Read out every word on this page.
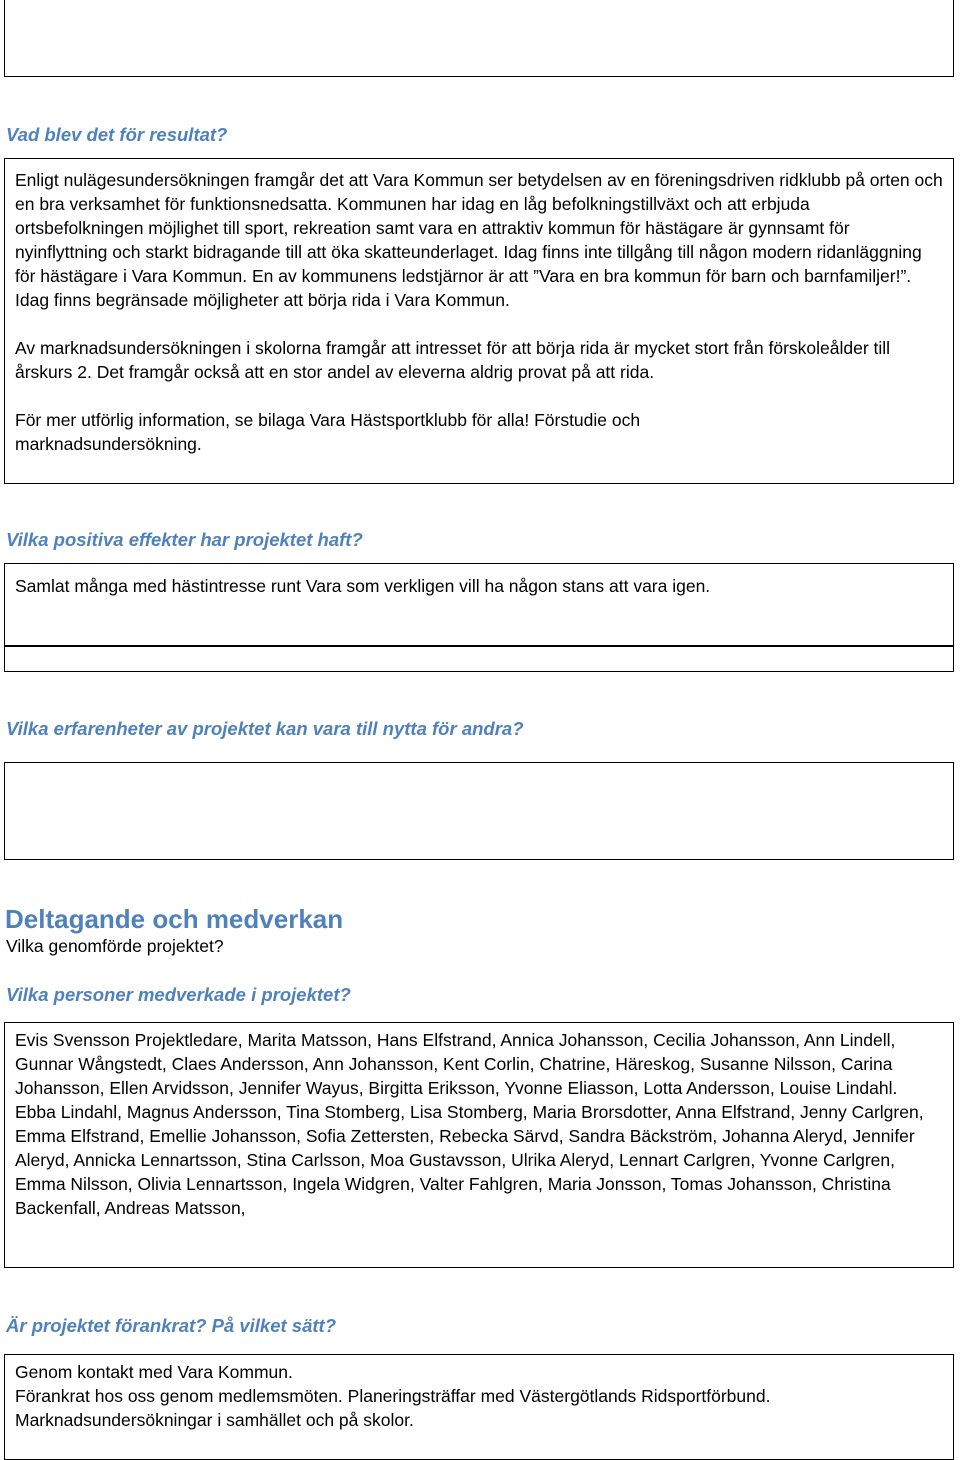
Vad blev det för resultat?

Enligt nulägesundersökningen framgår det att Vara Kommun ser betydelsen av en föreningsdriven ridklubb på orten och en bra verksamhet för funktionsnedsatta. Kommunen har idag en låg befolkningstillväxt och att erbjuda ortsbefolkningen möjlighet till sport, rekreation samt vara en attraktiv kommun för hästägare är gynnsamt för nyinflyttning och starkt bidragande till att öka skatteunderlaget. Idag finns inte tillgång till någon modern ridanläggning för hästägare i Vara Kommun. En av kommunens ledstjärnor är att ”Vara en bra kommun för barn och barnfamiljer!”. Idag finns begränsade möjligheter att börja rida i Vara Kommun.

Av marknadsundersökningen i skolorna framgår att intresset för att börja rida är mycket stort från förskoleålder till årskurs 2. Det framgår också att en stor andel av eleverna aldrig provat på att rida.

För mer utförlig information, se bilaga Vara Hästsportklubb för alla! Förstudie och marknadsundersökning.

Vilka positiva effekter har projektet haft?

Samlat många med hästintresse runt Vara som verkligen vill ha någon stans att vara igen.

Vilka erfarenheter av projektet kan vara till nytta för andra?

Deltagande och medverkan

Vilka genomförde projektet?

Vilka personer medverkade i projektet?

Evis Svensson Projektledare, Marita Matsson, Hans Elfstrand, Annica Johansson, Cecilia Johansson, Ann Lindell, Gunnar Wångstedt, Claes Andersson, Ann Johansson, Kent Corlin, Chatrine, Häreskog, Susanne Nilsson, Carina Johansson, Ellen Arvidsson, Jennifer Wayus, Birgitta Eriksson, Yvonne Eliasson, Lotta Andersson, Louise Lindahl. Ebba Lindahl, Magnus Andersson, Tina Stomberg, Lisa Stomberg, Maria Brorsdotter, Anna Elfstrand, Jenny Carlgren, Emma Elfstrand, Emellie Johansson, Sofia Zettersten, Rebecka Särvd, Sandra Bäckström, Johanna Aleryd, Jennifer Aleryd, Annicka Lennartsson, Stina Carlsson, Moa Gustavsson, Ulrika Aleryd, Lennart Carlgren, Yvonne Carlgren, Emma Nilsson, Olivia Lennartsson, Ingela Widgren, Valter Fahlgren, Maria Jonsson, Tomas Johansson, Christina Backenfall, Andreas Matsson,

Är projektet förankrat? På vilket sätt?

Genom kontakt med Vara Kommun.

Förankrat hos oss genom medlemsmöten. Planeringsträffar med Västergötlands Ridsportförbund.

Marknadsundersökningar i samhället och på skolor.
